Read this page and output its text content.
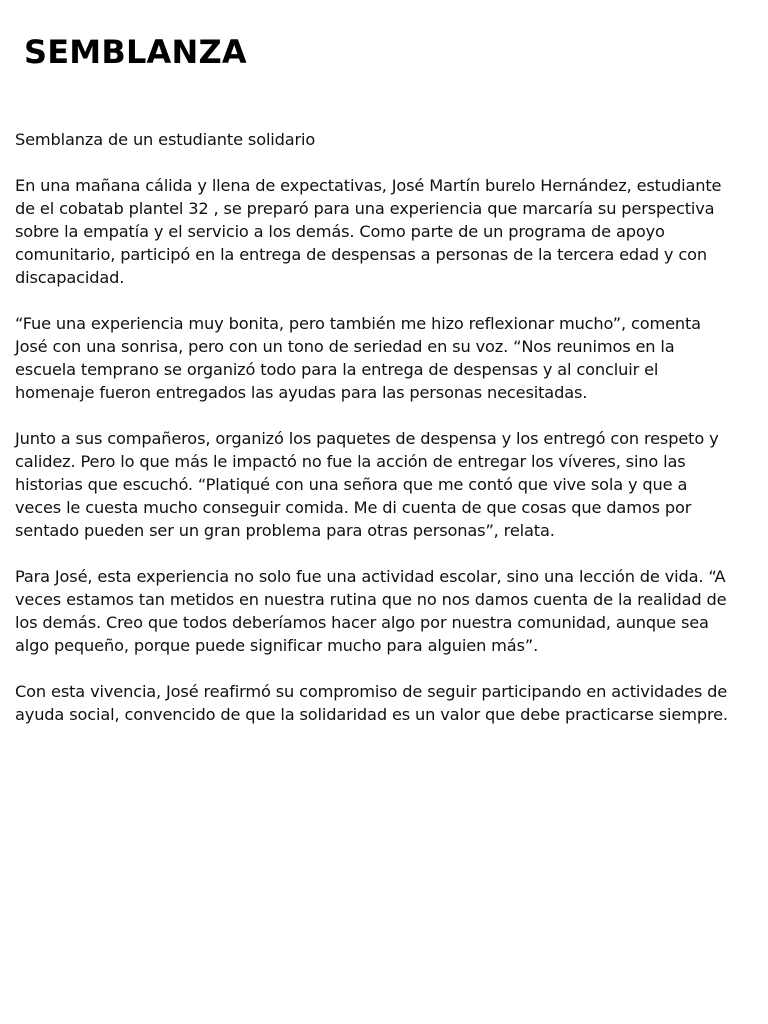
SEMBLANZA

Semblanza de un estudiante solidario

En una mañana cálida y llena de expectativas, José Martín burelo Hernández, estudiante de el cobatab plantel 32 , se preparó para una experiencia que marcaría su perspectiva sobre la empatía y el servicio a los demás. Como parte de un programa de apoyo comunitario, participó en la entrega de despensas a personas de la tercera edad y con discapacidad.

“Fue una experiencia muy bonita, pero también me hizo reflexionar mucho”, comenta José con una sonrisa, pero con un tono de seriedad en su voz. “Nos reunimos en la escuela temprano se organizó todo para la entrega de despensas y al concluir el homenaje fueron entregados las ayudas para las personas necesitadas.

Junto a sus compañeros, organizó los paquetes de despensa y los entregó con respeto y calidez. Pero lo que más le impactó no fue la acción de entregar los víveres, sino las historias que escuchó. “Platiqué con una señora que me contó que vive sola y que a veces le cuesta mucho conseguir comida. Me di cuenta de que cosas que damos por sentado pueden ser un gran problema para otras personas”, relata.

Para José, esta experiencia no solo fue una actividad escolar, sino una lección de vida. “A veces estamos tan metidos en nuestra rutina que no nos damos cuenta de la realidad de los demás. Creo que todos deberíamos hacer algo por nuestra comunidad, aunque sea algo pequeño, porque puede significar mucho para alguien más”.

Con esta vivencia, José reafirmó su compromiso de seguir participando en actividades de ayuda social, convencido de que la solidaridad es un valor que debe practicarse siempre.
